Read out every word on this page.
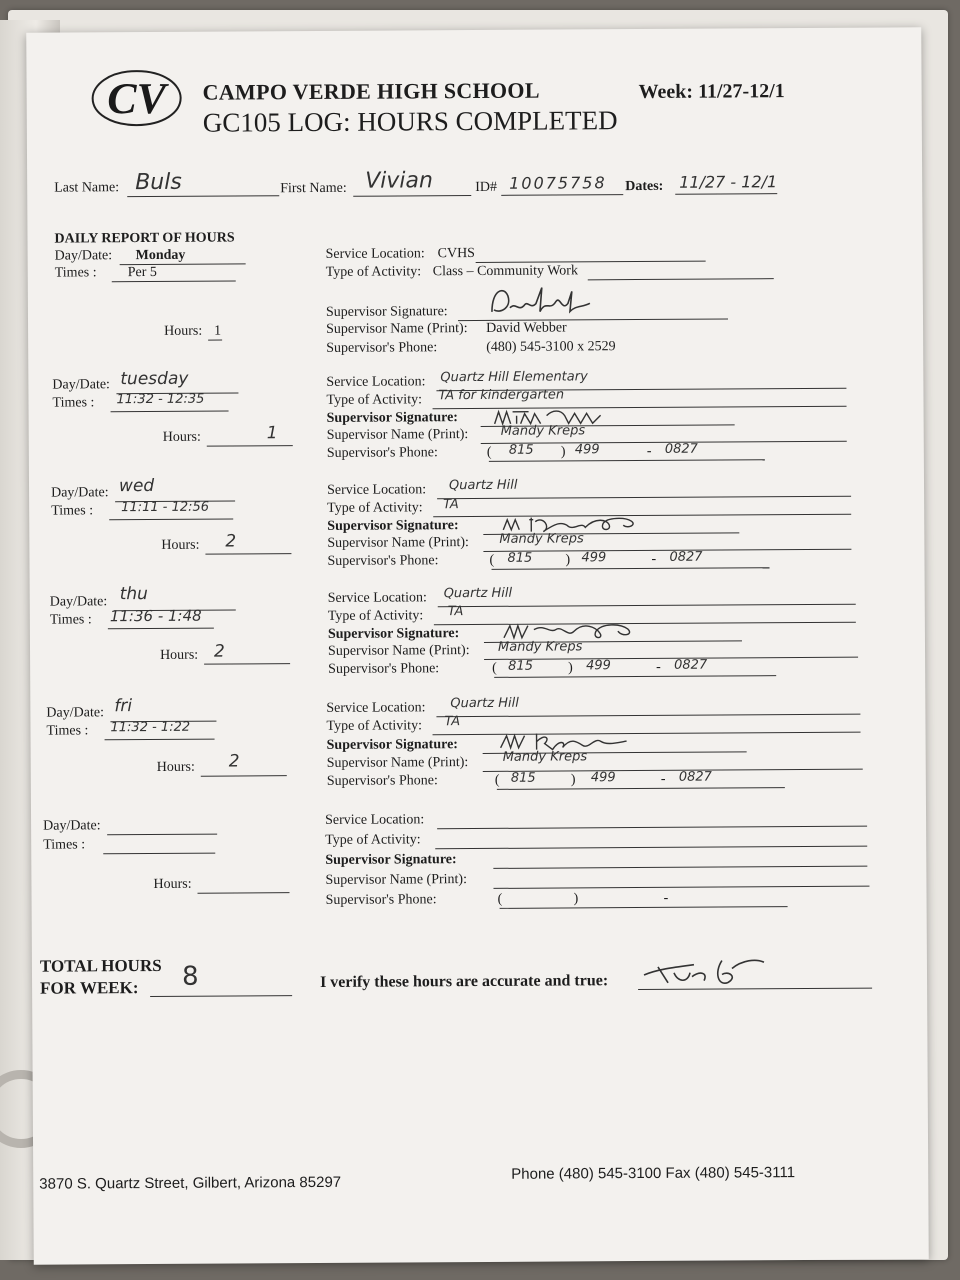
CV CAMPO VERDE HIGH SCHOOL
GC105 LOG: HOURS COMPLETED
Week: 11/27-12/1
Last Name: Buls	First Name: Vivian	ID# 10075758 Dates: 11/27 - 12/1
DAILY REPORT OF HOURS
Day/Date: Monday
Times : Per 5
Hours: 1
Service Location: CVHS
Type of Activity: Class – Community Work
Supervisor Signature:
Supervisor Name (Print): David Webber
Supervisor's Phone:	(480) 545-3100 x 2529
Day/Date: tuesday
Times : 11:32 - 12:35
Hours:	1
Service Location: Quartz Hill Elementary
Type of Activity: TA for kindergarten
Supervisor Signature:
Supervisor Name (Print): Mandy Kreps
Supervisor's Phone:	( 815 ) 499	- 0827
Day/Date: wed
Times : 11:11 - 12:56
Hours: 2
Service Location: Quartz Hill
Type of Activity: TA
Supervisor Signature:
Supervisor Name (Print): Mandy Kreps
Supervisor's Phone:	( 815 ) 499	- 0827
Day/Date: thu
Times : 11:36 - 1:48
Hours: 2
Service Location: Quartz Hill
Type of Activity: TA
Supervisor Signature:
Supervisor Name (Print): Mandy Kreps
Supervisor's Phone:	( 815	) 499	- 0827
Day/Date: fri
Times : 11:32 - 1:22
Hours: 2
Service Location: Quartz Hill
Type of Activity: TA
Supervisor Signature:
Supervisor Name (Print):	Mandy Kreps
Supervisor's Phone:	( 815	) 499	- 0827
Day/Date:
Times :
Hours:
Service Location:
Type of Activity:
Supervisor Signature:
Supervisor Name (Print):
Supervisor's Phone:	(	)	-
TOTAL HOURS
FOR WEEK: 8	I verify these hours are accurate and true:
3870 S. Quartz Street, Gilbert, Arizona 85297
Phone (480) 545-3100 Fax (480) 545-3111
